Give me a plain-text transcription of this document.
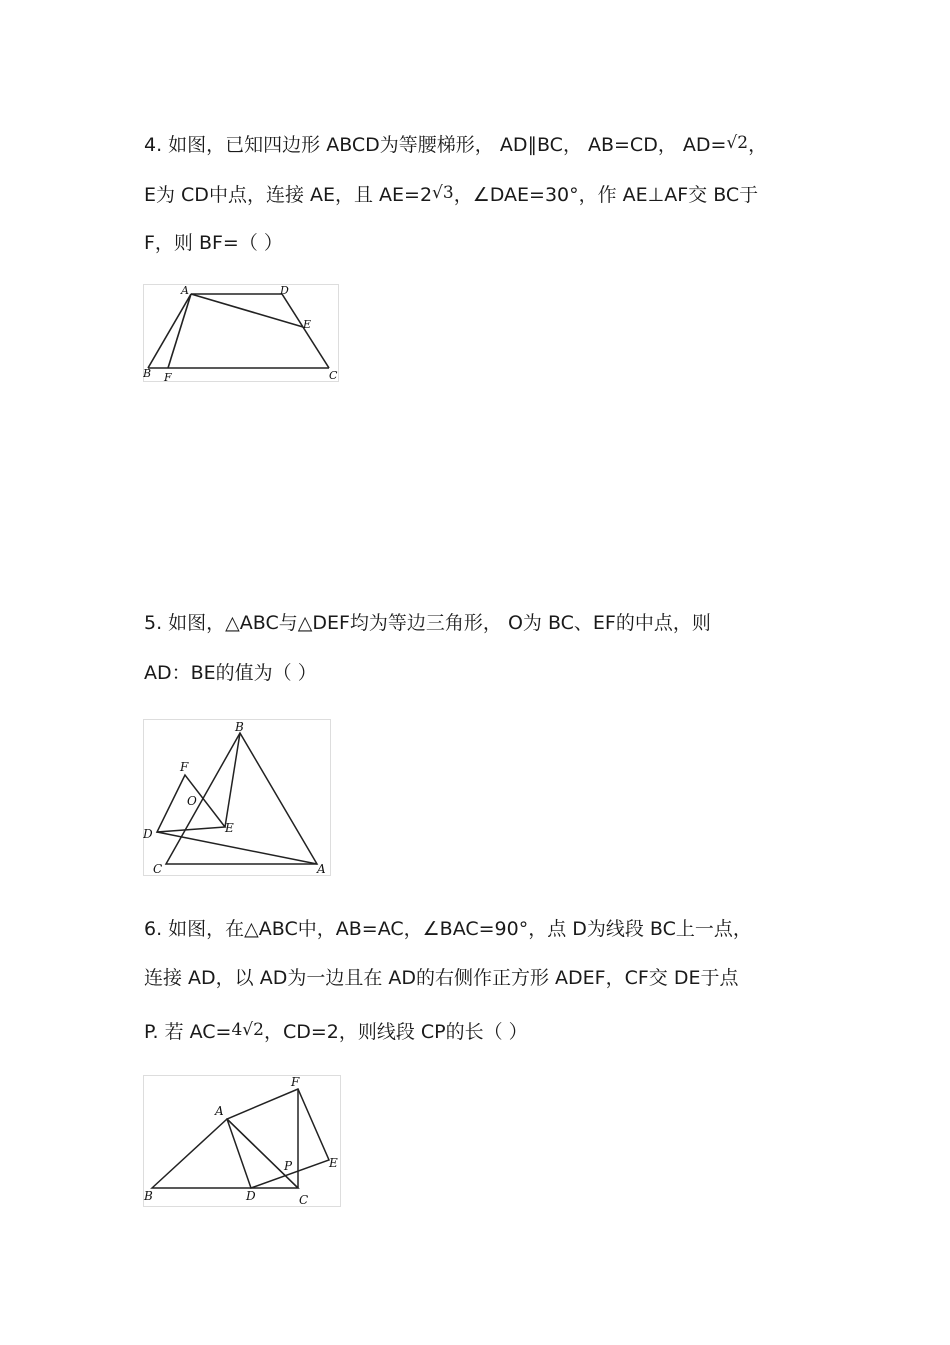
4. 如图，已知四边形 ABCD为等腰梯形， AD∥BC， AB=CD， AD=√2，
E为 CD中点，连接 AE，且 AE=2√3，∠DAE=30°，作 AE⊥AF交 BC于
F，则 BF=（ ）
A	D
E
B F	C
5. 如图，△ABC与△DEF均为等边三角形， O为 BC、EF的中点，则
AD：BE的值为（ ）
B
F
O
D	E
C	A
6. 如图，在△ABC中，AB=AC，∠BAC=90°，点 D为线段 BC上一点，
连接 AD，以 AD为一边且在 AD的右侧作正方形 ADEF，CF交 DE于点
P. 若 AC=4√2，CD=2，则线段 CP的长（ ）
F
A
E
P
B	D	C
